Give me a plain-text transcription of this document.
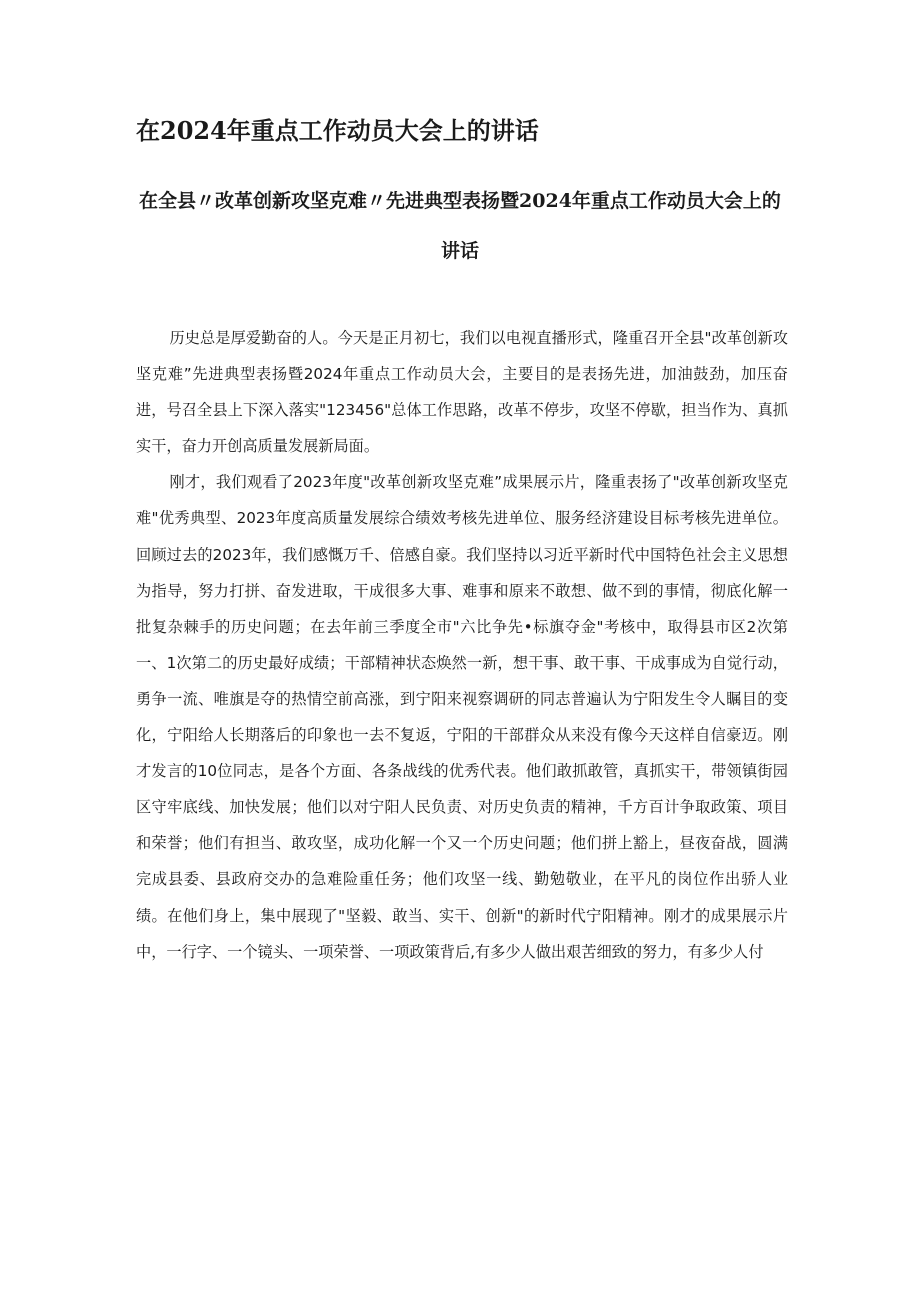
在2024年重点工作动员大会上的讲话
在全县〃改革创新攻坚克难〃先进典型表扬暨2024年重点工作动员大会上的讲话

历史总是厚爱勤奋的人。今天是正月初七，我们以电视直播形式，隆重召开全县"改革创新攻坚克难”先进典型表扬暨2024年重点工作动员大会，主要目的是表扬先进，加油鼓劲，加压奋进，号召全县上下深入落实"123456"总体工作思路，改革不停步，攻坚不停歇，担当作为、真抓实干，奋力开创高质量发展新局面。

刚才，我们观看了2023年度"改革创新攻坚克难”成果展示片，隆重表扬了"改革创新攻坚克难"优秀典型、2023年度高质量发展综合绩效考核先进单位、服务经济建设目标考核先进单位。回顾过去的2023年，我们感慨万千、倍感自豪。我们坚持以习近平新时代中国特色社会主义思想为指导，努力打拼、奋发进取，干成很多大事、难事和原来不敢想、做不到的事情，彻底化解一批复杂棘手的历史问题；在去年前三季度全市"六比争先•标旗夺金"考核中，取得县市区2次第一、1次第二的历史最好成绩；干部精神状态焕然一新，想干事、敢干事、干成事成为自觉行动，勇争一流、唯旗是夺的热情空前高涨，到宁阳来视察调研的同志普遍认为宁阳发生令人瞩目的变化，宁阳给人长期落后的印象也一去不复返，宁阳的干部群众从来没有像今天这样自信豪迈。刚才发言的10位同志，是各个方面、各条战线的优秀代表。他们敢抓敢管，真抓实干，带领镇街园区守牢底线、加快发展；他们以对宁阳人民负责、对历史负责的精神，千方百计争取政策、项目和荣誉；他们有担当、敢攻坚，成功化解一个又一个历史问题；他们拼上豁上，昼夜奋战，圆满完成县委、县政府交办的急难险重任务；他们攻坚一线、勤勉敬业，在平凡的岗位作出骄人业绩。在他们身上，集中展现了"坚毅、敢当、实干、创新"的新时代宁阳精神。刚才的成果展示片中，一行字、一个镜头、一项荣誉、一项政策背后,有多少人做出艰苦细致的努力，有多少人付
